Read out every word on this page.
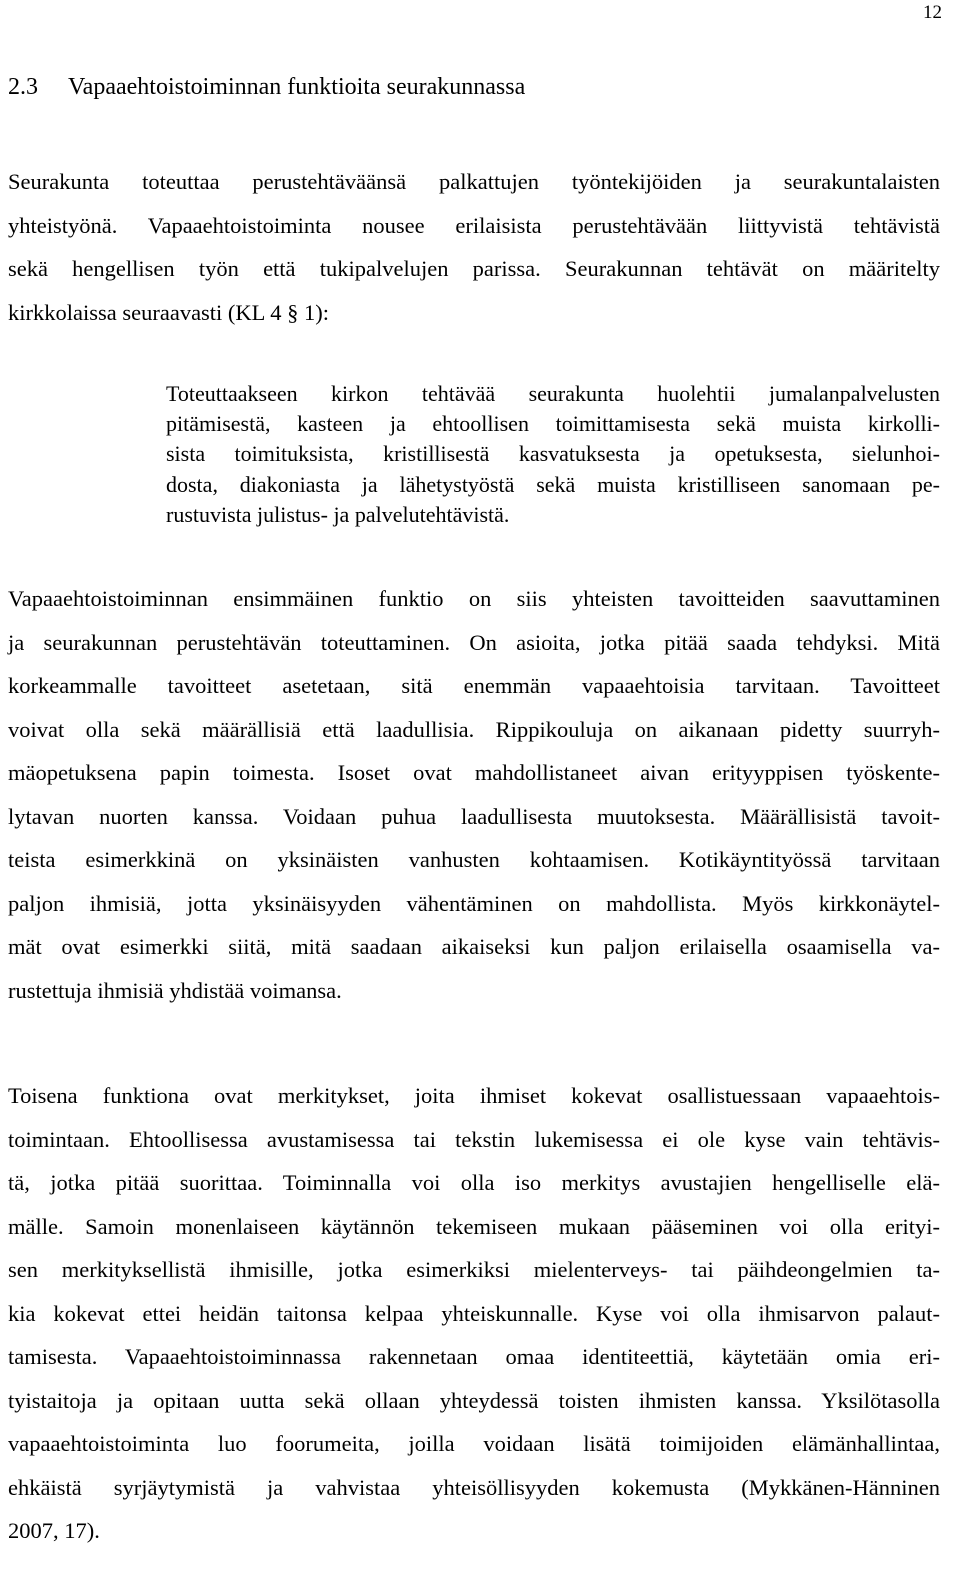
12
2.3 Vapaaehtoistoiminnan funktioita seurakunnassa
Seurakunta toteuttaa perustehtäväänsä palkattujen työntekijöiden ja seurakuntalaisten
yhteistyönä. Vapaaehtoistoiminta nousee erilaisista perustehtävään liittyvistä tehtävistä
sekä hengellisen työn että tukipalvelujen parissa. Seurakunnan tehtävät on määritelty
kirkkolaissa seuraavasti (KL 4 § 1):
Toteuttaakseen kirkon tehtävää seurakunta huolehtii jumalanpalvelusten
pitämisestä, kasteen ja ehtoollisen toimittamisesta sekä muista kirkolli-
sista toimituksista, kristillisestä kasvatuksesta ja opetuksesta, sielunhoi-
dosta, diakoniasta ja lähetystyöstä sekä muista kristilliseen sanomaan pe-
rustuvista julistus- ja palvelutehtävistä.
Vapaaehtoistoiminnan ensimmäinen funktio on siis yhteisten tavoitteiden saavuttaminen
ja seurakunnan perustehtävän toteuttaminen. On asioita, jotka pitää saada tehdyksi. Mitä
korkeammalle tavoitteet asetetaan, sitä enemmän vapaaehtoisia tarvitaan. Tavoitteet
voivat olla sekä määrällisiä että laadullisia. Rippikouluja on aikanaan pidetty suurryh-
mäopetuksena papin toimesta. Isoset ovat mahdollistaneet aivan erityyppisen työskente-
lytavan nuorten kanssa. Voidaan puhua laadullisesta muutoksesta. Määrällisistä tavoit-
teista esimerkkinä on yksinäisten vanhusten kohtaamisen. Kotikäyntityössä tarvitaan
paljon ihmisiä, jotta yksinäisyyden vähentäminen on mahdollista. Myös kirkkonäytel-
mät ovat esimerkki siitä, mitä saadaan aikaiseksi kun paljon erilaisella osaamisella va-
rustettuja ihmisiä yhdistää voimansa.
Toisena funktiona ovat merkitykset, joita ihmiset kokevat osallistuessaan vapaaehtois-
toimintaan. Ehtoollisessa avustamisessa tai tekstin lukemisessa ei ole kyse vain tehtävis-
tä, jotka pitää suorittaa. Toiminnalla voi olla iso merkitys avustajien hengelliselle elä-
mälle. Samoin monenlaiseen käytännön tekemiseen mukaan pääseminen voi olla erityi-
sen merkityksellistä ihmisille, jotka esimerkiksi mielenterveys- tai päihdeongelmien ta-
kia kokevat ettei heidän taitonsa kelpaa yhteiskunnalle. Kyse voi olla ihmisarvon palaut-
tamisesta. Vapaaehtoistoiminnassa rakennetaan omaa identiteettiä, käytetään omia eri-
tyistaitoja ja opitaan uutta sekä ollaan yhteydessä toisten ihmisten kanssa. Yksilötasolla
vapaaehtoistoiminta luo foorumeita, joilla voidaan lisätä toimijoiden elämänhallintaa,
ehkäistä syrjäytymistä ja vahvistaa yhteisöllisyyden kokemusta (Mykkänen-Hänninen
2007, 17).
